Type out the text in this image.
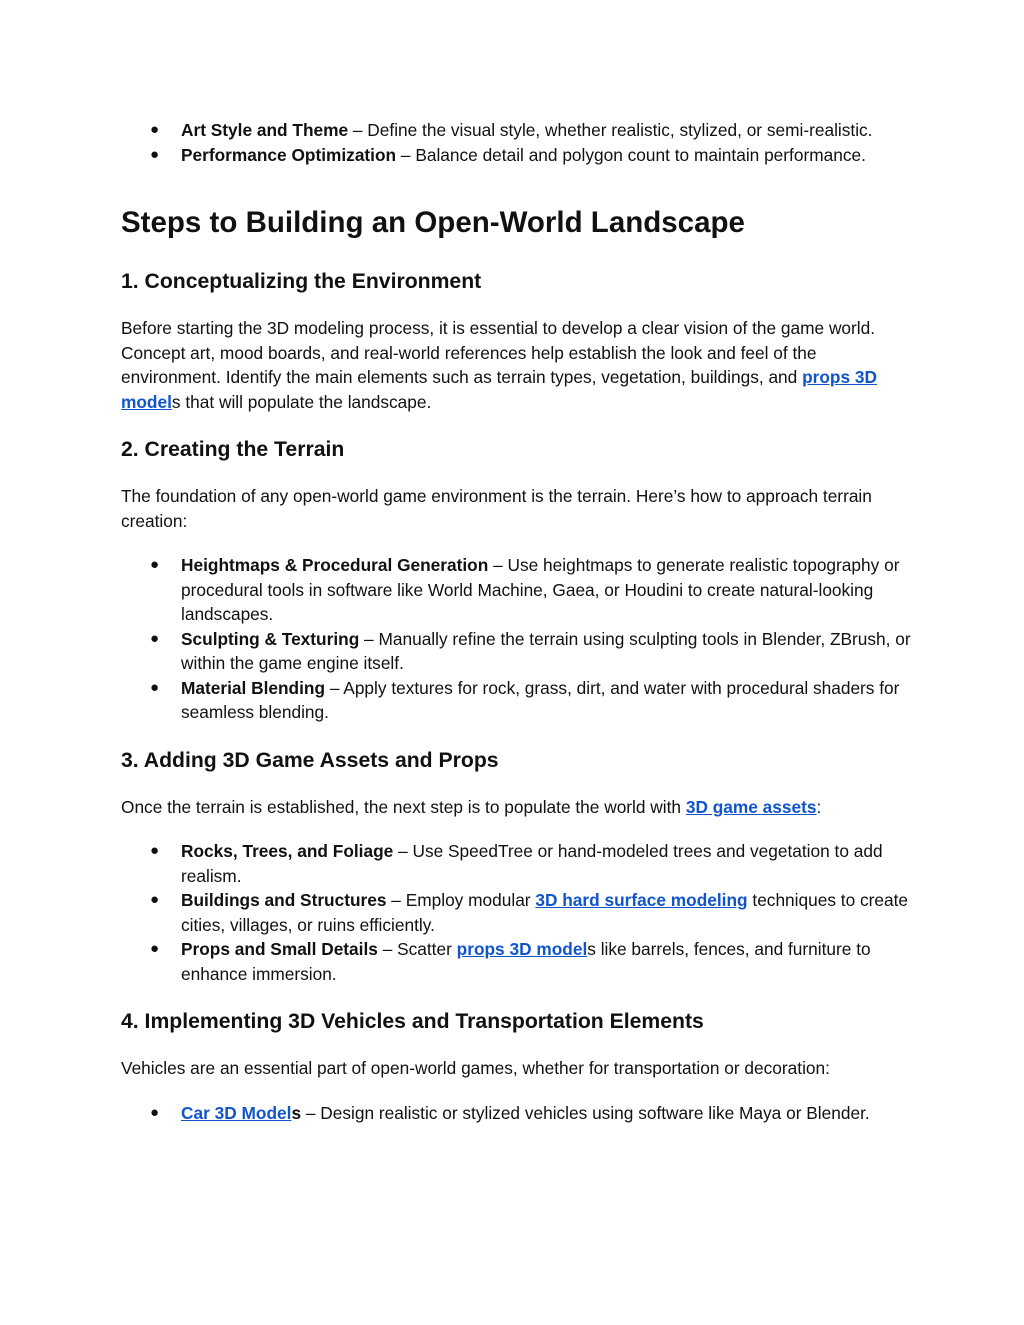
● Art Style and Theme – Define the visual style, whether realistic, stylized, or semi-realistic.
● Performance Optimization – Balance detail and polygon count to maintain performance.
Steps to Building an Open-World Landscape
1. Conceptualizing the Environment

Before starting the 3D modeling process, it is essential to develop a clear vision of the game world. Concept art, mood boards, and real-world references help establish the look and feel of the environment. Identify the main elements such as terrain types, vegetation, buildings, and props 3D models that will populate the landscape.

2. Creating the Terrain

The foundation of any open-world game environment is the terrain. Here’s how to approach terrain creation:

● Heightmaps & Procedural Generation – Use heightmaps to generate realistic topography or procedural tools in software like World Machine, Gaea, or Houdini to create natural-looking landscapes.
● Sculpting & Texturing – Manually refine the terrain using sculpting tools in Blender, ZBrush, or within the game engine itself.
● Material Blending – Apply textures for rock, grass, dirt, and water with procedural shaders for seamless blending.
3. Adding 3D Game Assets and Props

Once the terrain is established, the next step is to populate the world with 3D game assets:

● Rocks, Trees, and Foliage – Use SpeedTree or hand-modeled trees and vegetation to add realism.
● Buildings and Structures – Employ modular 3D hard surface modeling techniques to create cities, villages, or ruins efficiently.
● Props and Small Details – Scatter props 3D models like barrels, fences, and furniture to enhance immersion.
4. Implementing 3D Vehicles and Transportation Elements

Vehicles are an essential part of open-world games, whether for transportation or decoration:

● Car 3D Models – Design realistic or stylized vehicles using software like Maya or Blender.
